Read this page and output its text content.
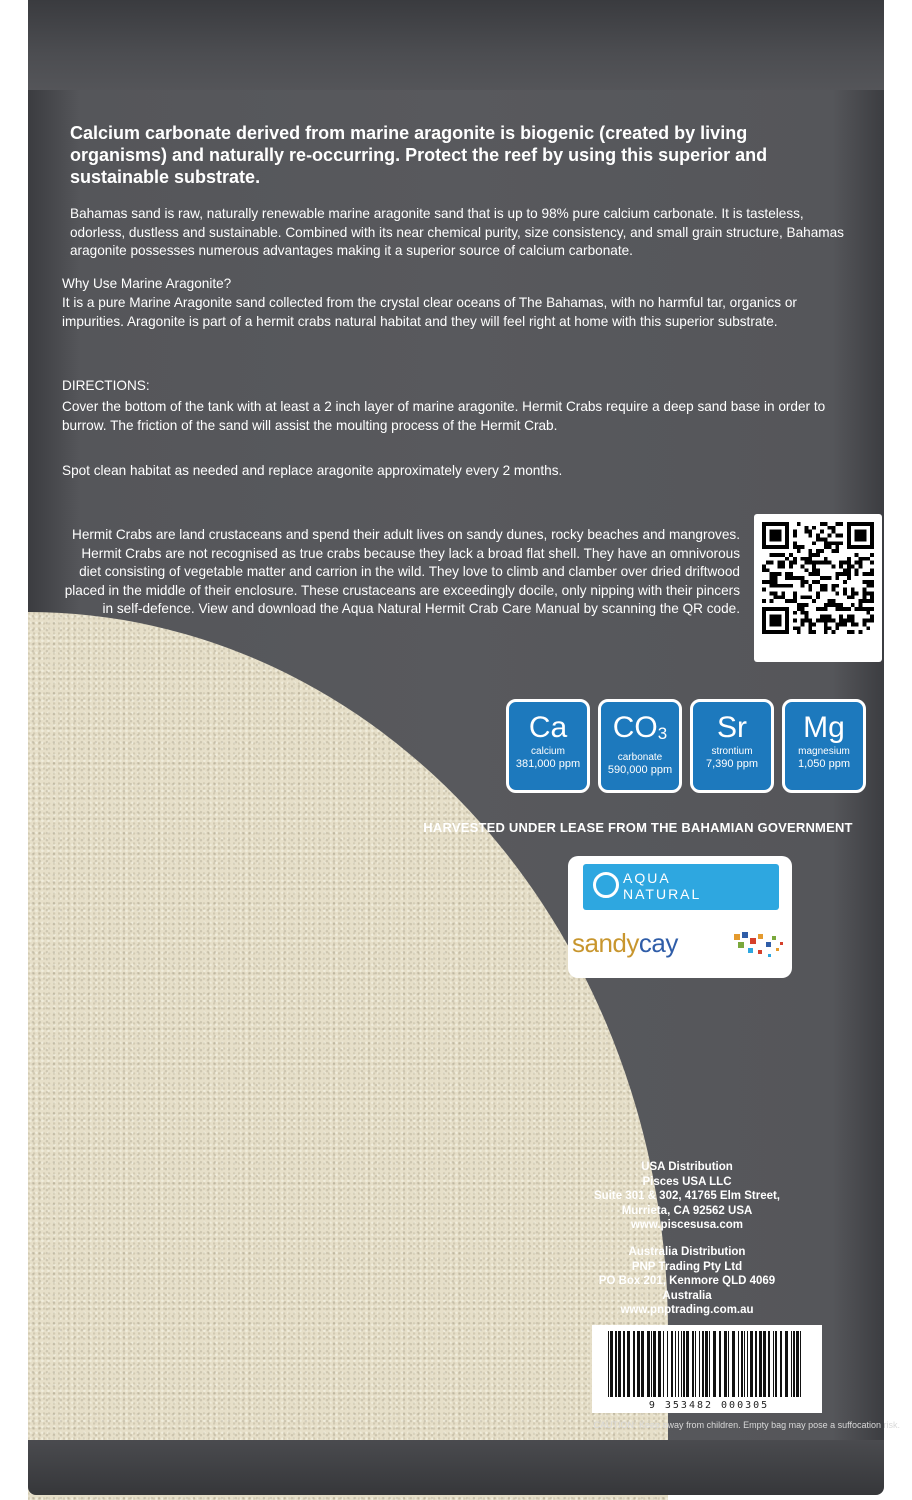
Calcium carbonate derived from marine aragonite is biogenic (created by living organisms) and naturally re-occurring. Protect the reef by using this superior and sustainable substrate.
Bahamas sand is raw, naturally renewable marine aragonite sand that is up to 98% pure calcium carbonate. It is tasteless, odorless, dustless and sustainable. Combined with its near chemical purity, size consistency, and small grain structure, Bahamas aragonite possesses numerous advantages making it a superior source of calcium carbonate.
Why Use Marine Aragonite?
It is a pure Marine Aragonite sand collected from the crystal clear oceans of The Bahamas, with no harmful tar, organics or impurities. Aragonite is part of a hermit crabs natural habitat and they will feel right at home with this superior substrate.
DIRECTIONS:
Cover the bottom of the tank with at least a 2 inch layer of marine aragonite. Hermit Crabs require a deep sand base in order to burrow. The friction of the sand will assist the moulting process of the Hermit Crab.
Spot clean habitat as needed and replace aragonite approximately every 2 months.
Hermit Crabs are land crustaceans and spend their adult lives on sandy dunes, rocky beaches and mangroves. Hermit Crabs are not recognised as true crabs because they lack a broad flat shell. They have an omnivorous diet consisting of vegetable matter and carrion in the wild. They love to climb and clamber over dried driftwood placed in the middle of their enclosure. These crustaceans are exceedingly docile, only nipping with their pincers in self-defence. View and download the Aqua Natural Hermit Crab Care Manual by scanning the QR code.
Ca
calcium
381,000 ppm
$CO_3$
carbonate
590,000 ppm
Sr
strontium
7,390 ppm
Mg
magnesium
1,050 ppm
HARVESTED UNDER LEASE FROM THE BAHAMIAN GOVERNMENT
AQUA
NATURAL
sandycay
USA Distribution
Pisces USA LLC
Suite 301 & 302, 41765 Elm Street,
Murrieta, CA 92562 USA
www.piscesusa.com
Australia Distribution
PNP Trading Pty Ltd
PO Box 201, Kenmore QLD 4069
Australia
www.pnptrading.com.au
9 353482 000305
CAUTION: Keep away from children. Empty bag may pose a suffocation risk.
